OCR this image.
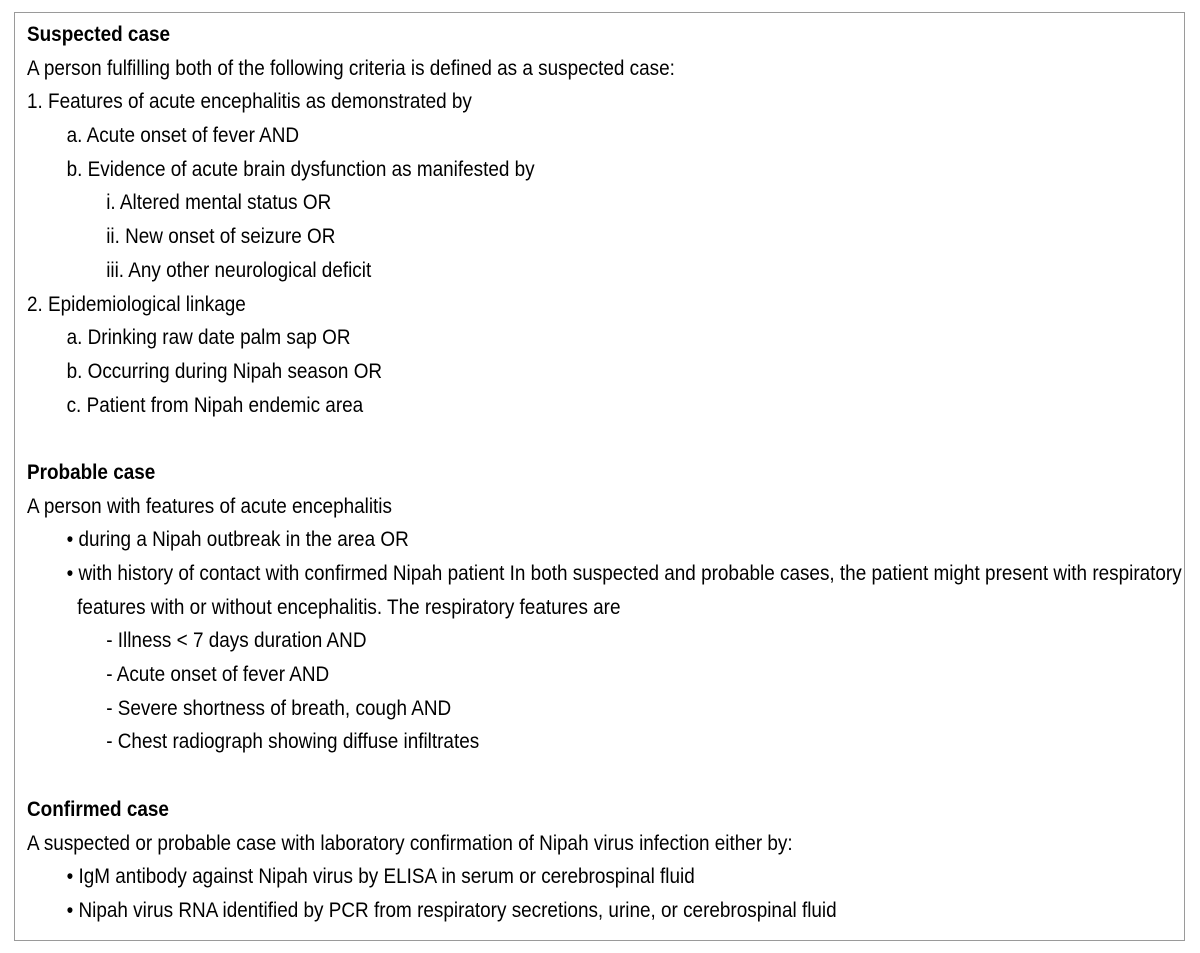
Suspected case
A person fulfilling both of the following criteria is defined as a suspected case:
1. Features of acute encephalitis as demonstrated by
a. Acute onset of fever AND
b. Evidence of acute brain dysfunction as manifested by
i. Altered mental status OR
ii. New onset of seizure OR
iii. Any other neurological deficit
2. Epidemiological linkage
a. Drinking raw date palm sap OR
b. Occurring during Nipah season OR
c. Patient from Nipah endemic area
Probable case
A person with features of acute encephalitis
• during a Nipah outbreak in the area OR
• with history of contact with confirmed Nipah patient In both suspected and probable cases, the patient might present with respiratory features with or without encephalitis. The respiratory features are
- Illness < 7 days duration AND
- Acute onset of fever AND
- Severe shortness of breath, cough AND
- Chest radiograph showing diffuse infiltrates
Confirmed case
A suspected or probable case with laboratory confirmation of Nipah virus infection either by:
• IgM antibody against Nipah virus by ELISA in serum or cerebrospinal fluid
• Nipah virus RNA identified by PCR from respiratory secretions, urine, or cerebrospinal fluid
